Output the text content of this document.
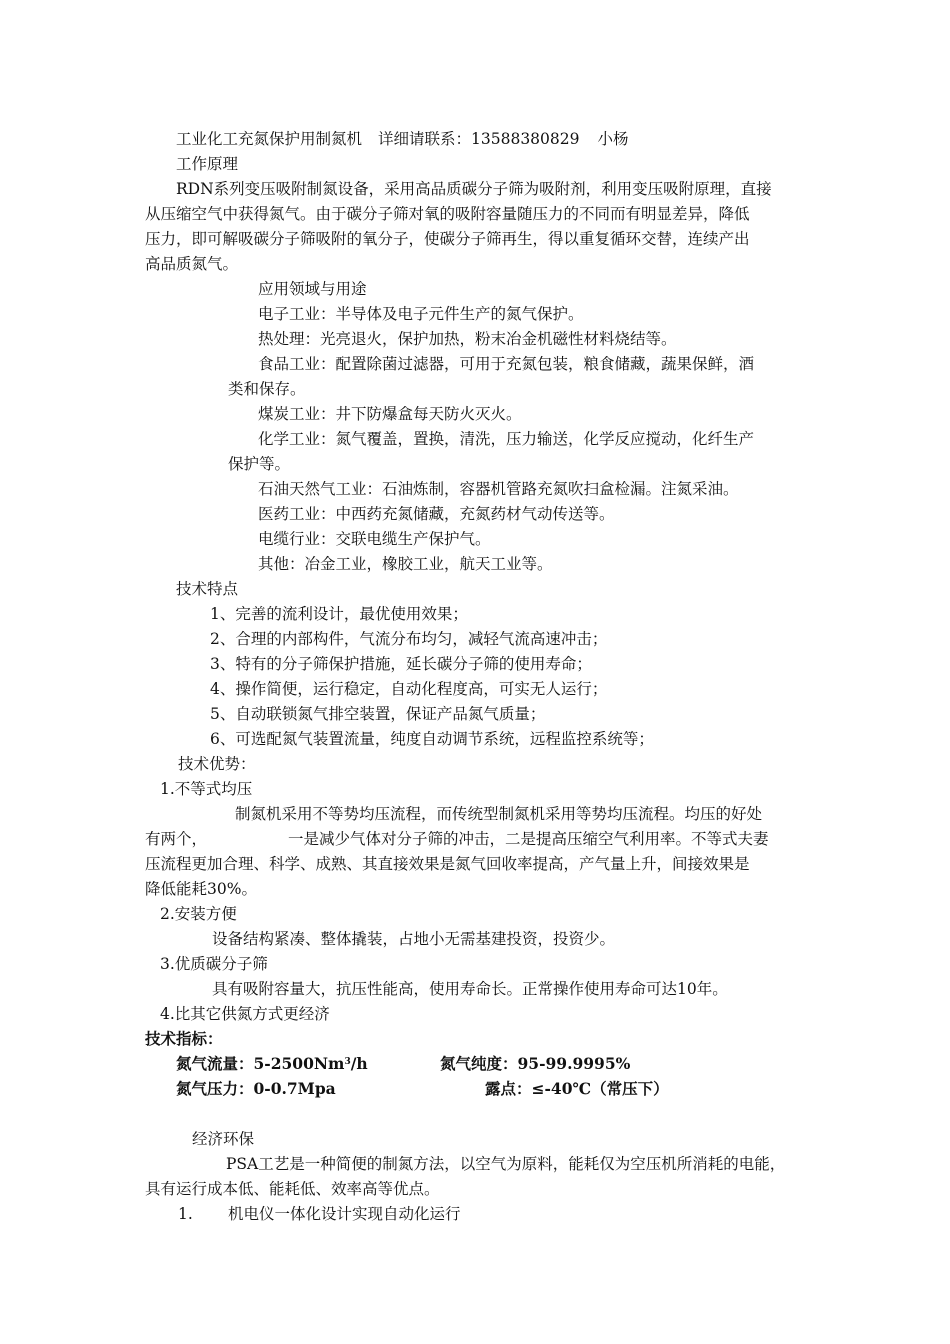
工业化工充氮保护用制氮机 详细请联系：13588380829 小杨
工作原理
RDN系列变压吸附制氮设备，采用高品质碳分子筛为吸附剂，利用变压吸附原理，直接
从压缩空气中获得氮气。由于碳分子筛对氧的吸附容量随压力的不同而有明显差异，降低
压力，即可解吸碳分子筛吸附的氧分子，使碳分子筛再生，得以重复循环交替，连续产出
高品质氮气。
应用领域与用途
电子工业：半导体及电子元件生产的氮气保护。
热处理：光亮退火，保护加热，粉末冶金机磁性材料烧结等。
食品工业：配置除菌过滤器，可用于充氮包装，粮食储藏，蔬果保鲜，酒
类和保存。
煤炭工业：井下防爆盒每天防火灭火。
化学工业：氮气覆盖，置换，清洗，压力输送，化学反应搅动，化纤生产
保护等。
石油天然气工业：石油炼制，容器机管路充氮吹扫盒检漏。注氮采油。
医药工业：中西药充氮储藏，充氮药材气动传送等。
电缆行业：交联电缆生产保护气。
其他：冶金工业，橡胶工业，航天工业等。
技术特点
1、完善的流利设计，最优使用效果；
2、合理的内部构件，气流分布均匀，减轻气流高速冲击；
3、特有的分子筛保护措施，延长碳分子筛的使用寿命；
4、操作简便，运行稳定，自动化程度高，可实无人运行；
5、自动联锁氮气排空装置，保证产品氮气质量；
6、可选配氮气装置流量，纯度自动调节系统，远程监控系统等；
技术优势：
1.不等式均压
制氮机采用不等势均压流程，而传统型制氮机采用等势均压流程。均压的好处
有两个，	一是减少气体对分子筛的冲击，二是提高压缩空气利用率。不等式夫妻
压流程更加合理、科学、成熟、其直接效果是氮气回收率提高，产气量上升，间接效果是
降低能耗30%。
2.安装方便
设备结构紧凑、整体撬装，占地小无需基建投资，投资少。
3.优质碳分子筛
具有吸附容量大，抗压性能高，使用寿命长。正常操作使用寿命可达10年。
4.比其它供氮方式更经济
技术指标：
氮气流量：5-2500Nm$^3$/h	氮气纯度：95-99.9995%
氮气压力：0-0.7Mpa	露点：≤-40℃（常压下）
经济环保
PSA工艺是一种简便的制氮方法，以空气为原料，能耗仅为空压机所消耗的电能，
具有运行成本低、能耗低、效率高等优点。
1. 机电仪一体化设计实现自动化运行
